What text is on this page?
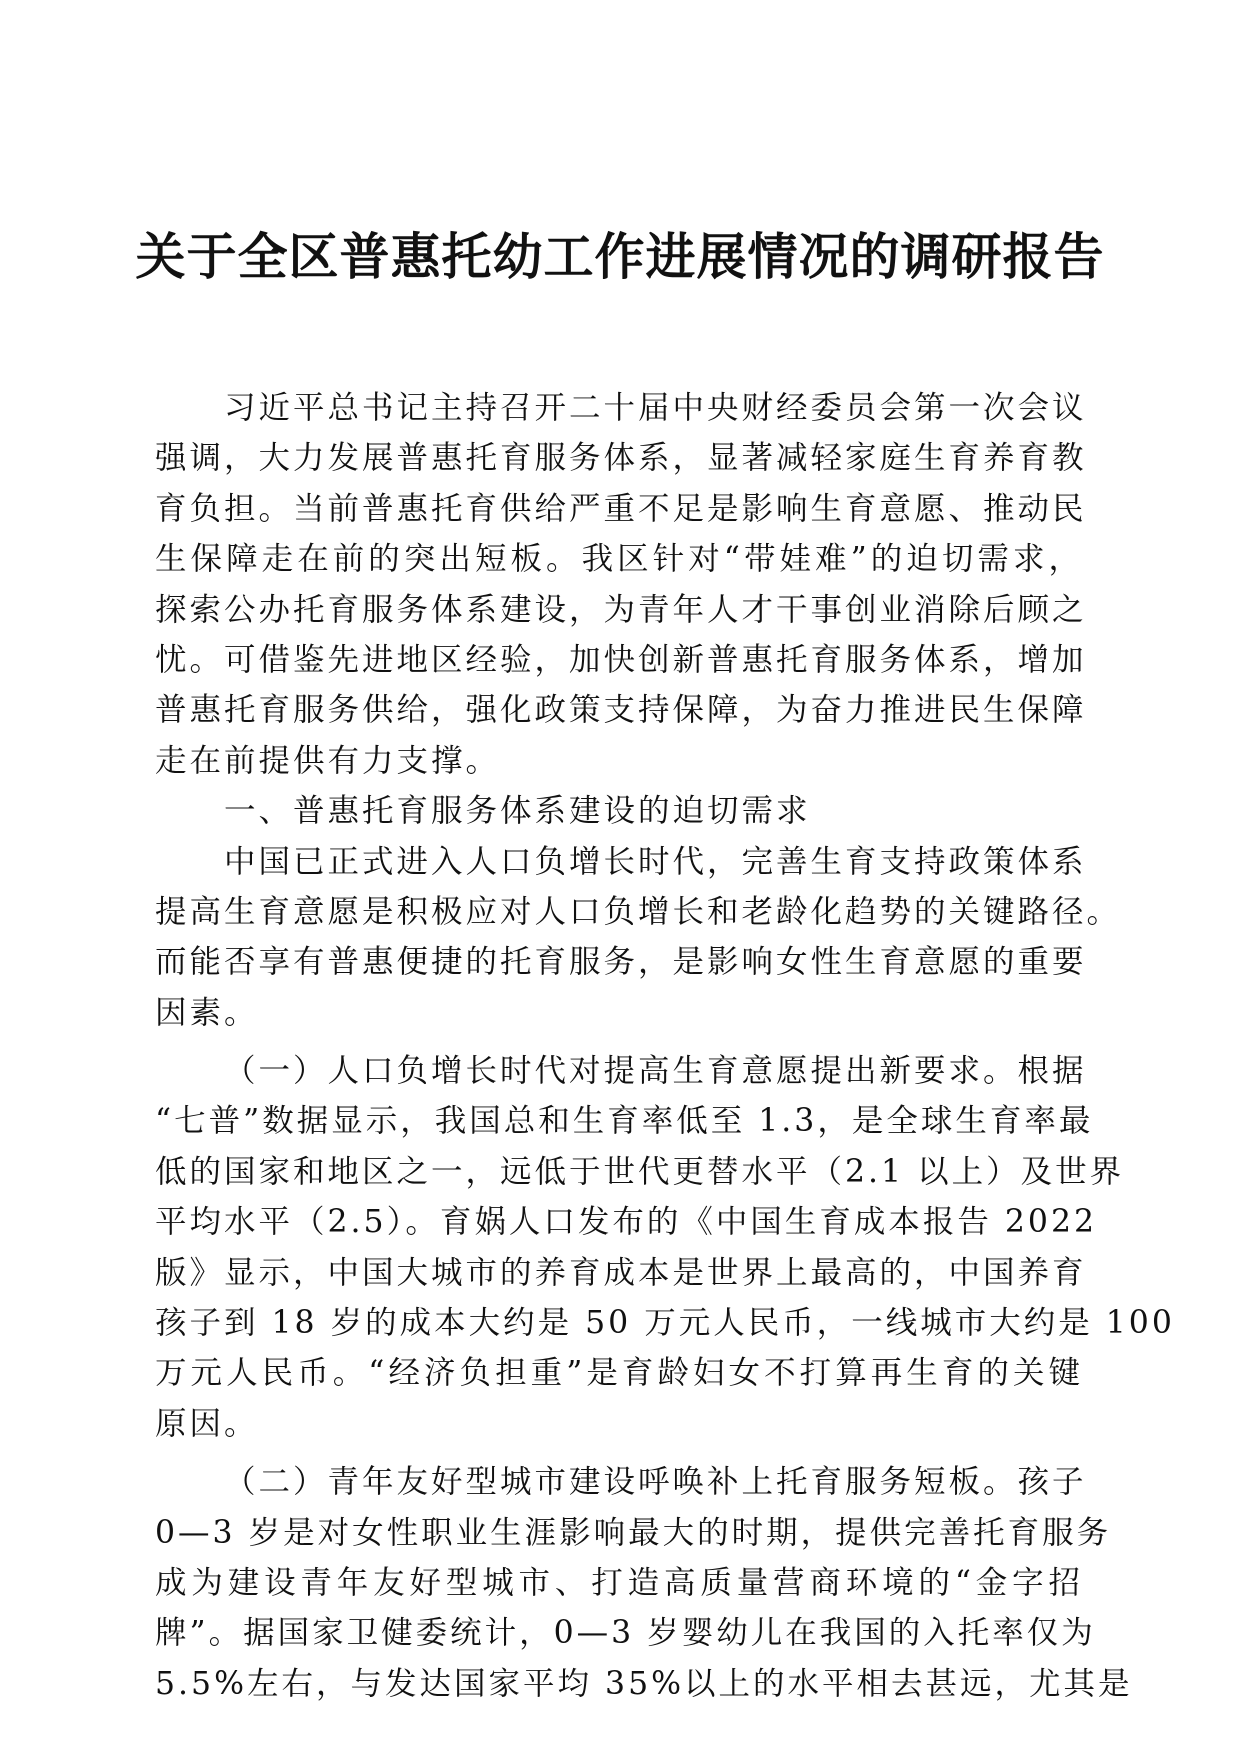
关于全区普惠托幼工作进展情况的调研报告
习近平总书记主持召开二十届中央财经委员会第一次会议
强调，大力发展普惠托育服务体系，显著减轻家庭生育养育教
育负担。当前普惠托育供给严重不足是影响生育意愿、推动民
生保障走在前的突出短板。我区针对“带娃难”的迫切需求，
探索公办托育服务体系建设，为青年人才干事创业消除后顾之
忧。可借鉴先进地区经验，加快创新普惠托育服务体系，增加
普惠托育服务供给，强化政策支持保障，为奋力推进民生保障
走在前提供有力支撑。
一、普惠托育服务体系建设的迫切需求
中国已正式进入人口负增长时代，完善生育支持政策体系
提高生育意愿是积极应对人口负增长和老龄化趋势的关键路径。
而能否享有普惠便捷的托育服务，是影响女性生育意愿的重要
因素。
（一）人口负增长时代对提高生育意愿提出新要求。根据
“七普”数据显示，我国总和生育率低至 1.3，是全球生育率最
低的国家和地区之一，远低于世代更替水平（2.1 以上）及世界
平均水平（2.5）。育娲人口发布的《中国生育成本报告 2022
版》显示，中国大城市的养育成本是世界上最高的，中国养育
孩子到 18 岁的成本大约是 50 万元人民币，一线城市大约是 100
万元人民币。“经济负担重”是育龄妇女不打算再生育的关键
原因。
（二）青年友好型城市建设呼唤补上托育服务短板。孩子
0—3 岁是对女性职业生涯影响最大的时期，提供完善托育服务
成为建设青年友好型城市、打造高质量营商环境的“金字招
牌”。据国家卫健委统计，0—3 岁婴幼儿在我国的入托率仅为
5.5%左右，与发达国家平均 35%以上的水平相去甚远，尤其是
